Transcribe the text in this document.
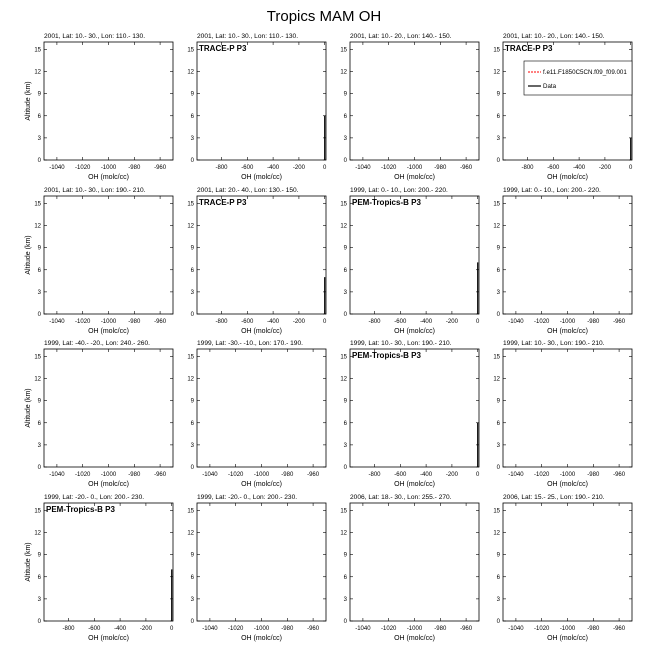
Tropics MAM OH
2001, Lat: 10.- 30., Lon: 110.- 130.
0
3
6
9
12
15
-1040 -1020 -1000 -980 -960
OH (molc/cc)
Altitude (km)
2001, Lat: 10.- 30., Lon: 110.- 130.
0
3
6
9
12
15
-800 -600 -400 -200	0
OH (molc/cc)
TRACE-P P3
2001, Lat: 10.- 20., Lon: 140.- 150.
0
3
6
9
12
15
-1040 -1020 -1000 -980 -960
OH (molc/cc)
2001, Lat: 10.- 20., Lon: 140.- 150.
0
3
6
9
12
15
-800 -600 -400 -200	0
OH (molc/cc)
TRACE-P P3
f.e11.F1850C5CN.f09_f09.001
Data
2001, Lat: 10.- 30., Lon: 190.- 210.
0
3
6
9
12
15
-1040 -1020 -1000 -980 -960
OH (molc/cc)
Altitude (km)
2001, Lat: 20.- 40., Lon: 130.- 150.
0
3
6
9
12
15
-800 -600 -400 -200	0
OH (molc/cc)
TRACE-P P3
1999, Lat: 0.- 10., Lon: 200.- 220.
0
3
6
9
12
15
-800 -600 -400 -200	0
OH (molc/cc)
PEM-Tropics-B P3
1999, Lat: 0.- 10., Lon: 200.- 220.
0
3
6
9
12
15
-1040 -1020 -1000 -980 -960
OH (molc/cc)
1999, Lat: -40.- -20., Lon: 240.- 260.
0
3
6
9
12
15
-1040 -1020 -1000 -980 -960
OH (molc/cc)
Altitude (km)
1999, Lat: -30.- -10., Lon: 170.- 190.
0
3
6
9
12
15
-1040 -1020 -1000 -980 -960
OH (molc/cc)
1999, Lat: 10.- 30., Lon: 190.- 210.
0
3
6
9
12
15
-800 -600 -400 -200	0
OH (molc/cc)
PEM-Tropics-B P3
1999, Lat: 10.- 30., Lon: 190.- 210.
0
3
6
9
12
15
-1040 -1020 -1000 -980 -960
OH (molc/cc)
1999, Lat: -20.- 0., Lon: 200.- 230.
0
3
6
9
12
15
-800 -600 -400 -200	0
OH (molc/cc)
Altitude (km)
PEM-Tropics-B P3
1999, Lat: -20.- 0., Lon: 200.- 230.
0
3
6
9
12
15
-1040 -1020 -1000 -980 -960
OH (molc/cc)
2006, Lat: 18.- 30., Lon: 255.- 270.
0
3
6
9
12
15
-1040 -1020 -1000 -980 -960
OH (molc/cc)
2006, Lat: 15.- 25., Lon: 190.- 210.
0
3
6
9
12
15
-1040 -1020 -1000 -980 -960
OH (molc/cc)
